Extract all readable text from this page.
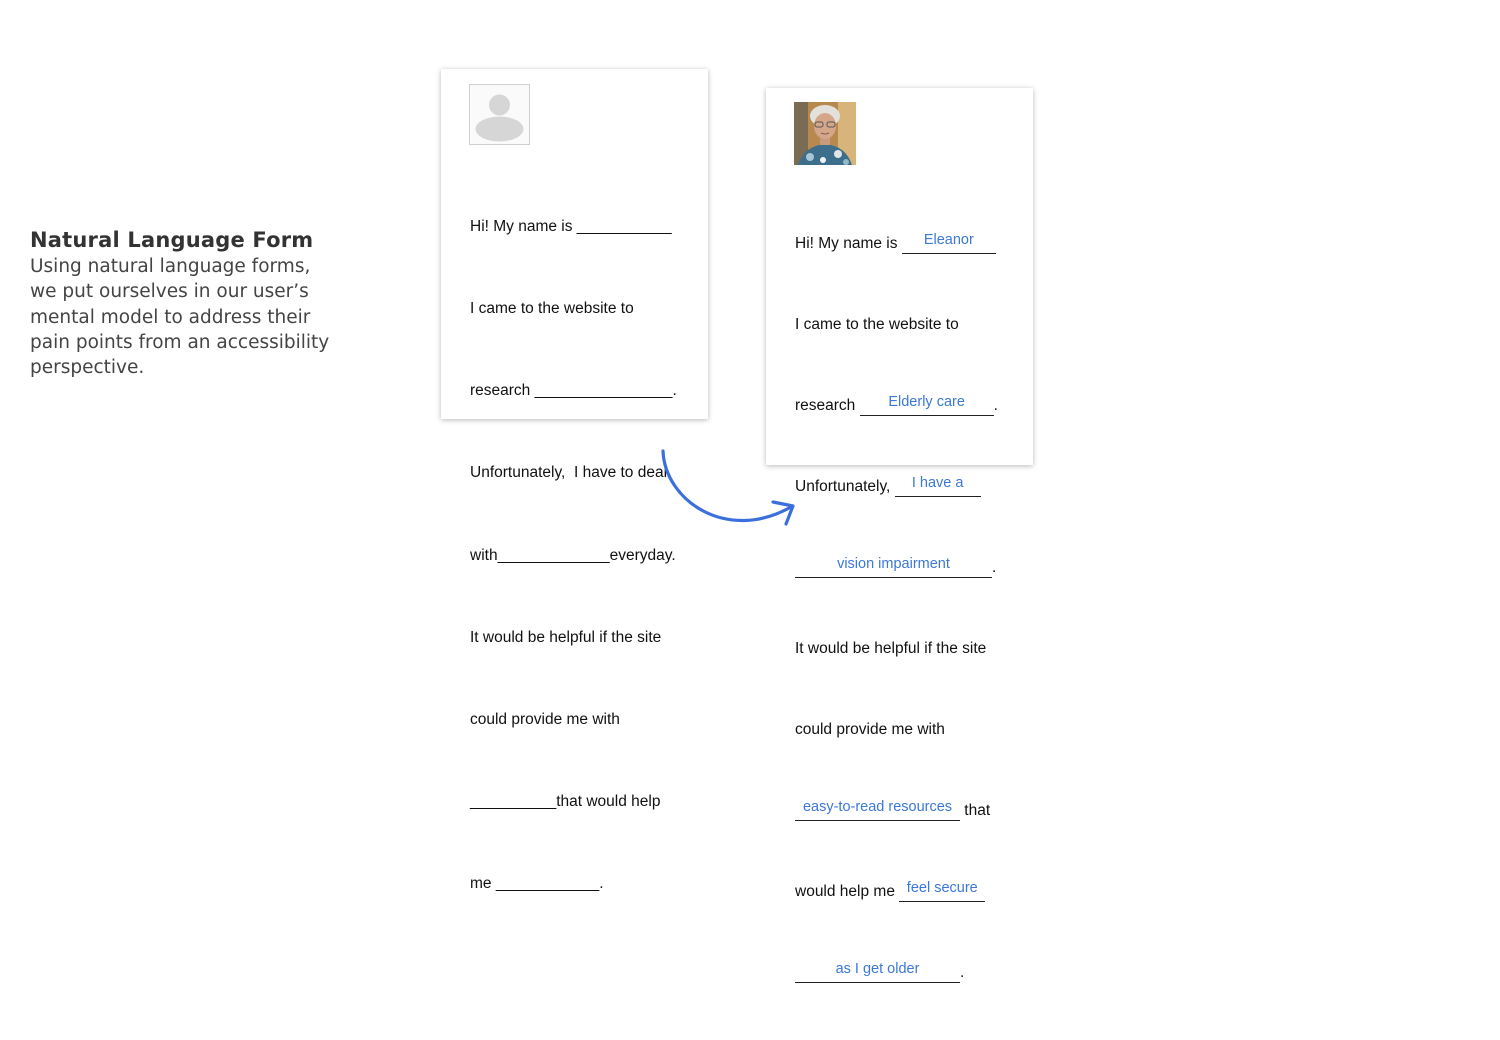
Natural Language Form

Using natural language forms, we put ourselves in our user’s mental model to address their pain points from an accessibility perspective.

Hi! My name is ___________

I came to the website to

research ________________.

Unfortunately,  I have to deal

with_____________everyday.

It would be helpful if the site

could provide me with

__________that would help

me ____________.

Hi! My name is Eleanor

I came to the website to

research Elderly care .

Unfortunately, I have a

vision impairment	.

It would be helpful if the site

could provide me with

easy-to-read resources that

would help me feel secure

as I get older	.
